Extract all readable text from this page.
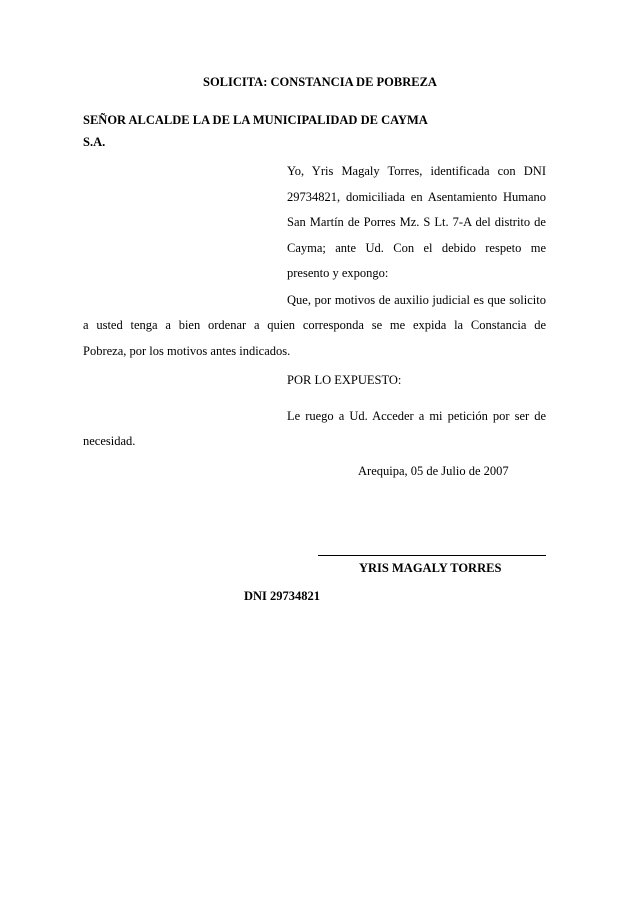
SOLICITA: CONSTANCIA DE POBREZA
SEÑOR ALCALDE LA DE LA MUNICIPALIDAD DE CAYMA
S.A.
Yo, Yris Magaly Torres, identificada con DNI
29734821, domiciliada en Asentamiento Humano
San Martín de Porres Mz. S Lt. 7-A del distrito de
Cayma; ante Ud. Con el debido respeto me
presento y expongo:
Que, por motivos de auxilio judicial es que solicito
a usted tenga a bien ordenar a quien corresponda se me expida la Constancia de
Pobreza, por los motivos antes indicados.
POR LO EXPUESTO:
Le ruego a Ud. Acceder a mi petición por ser de
necesidad.
Arequipa, 05 de Julio de 2007
YRIS MAGALY TORRES
DNI 29734821
